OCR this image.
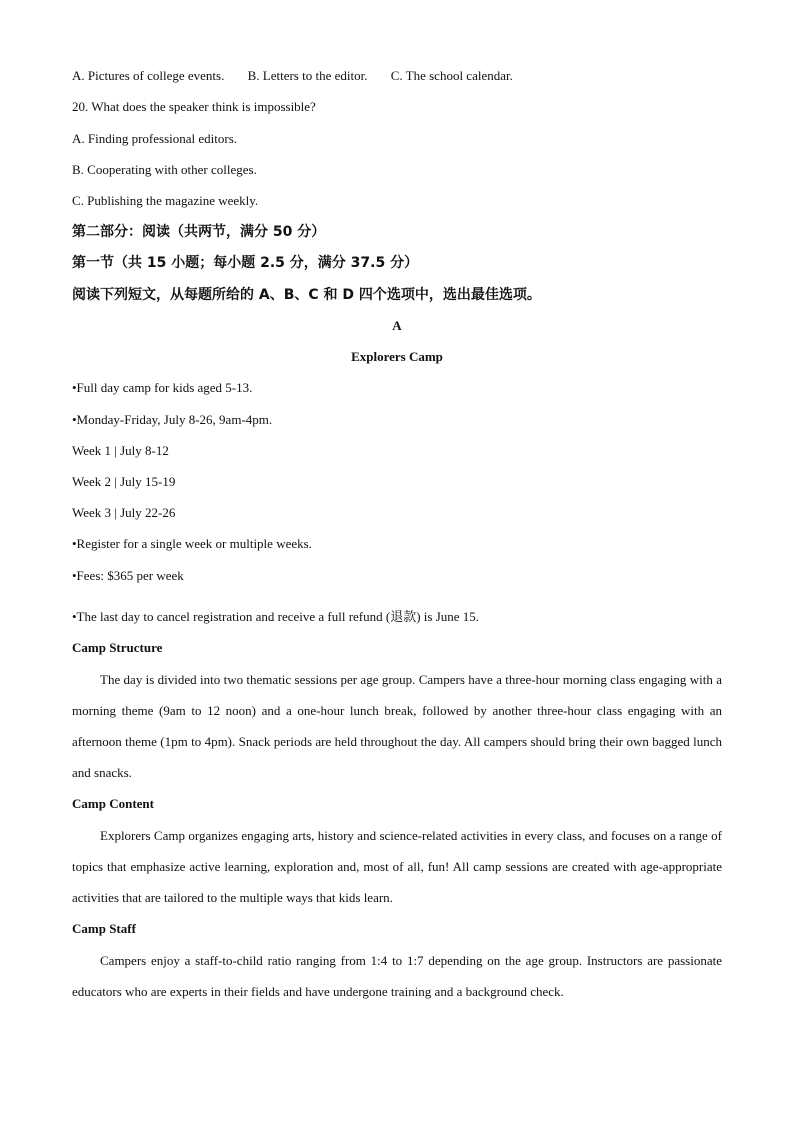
A. Pictures of college events. B. Letters to the editor. C. The school calendar.
20. What does the speaker think is impossible?
A. Finding professional editors.
B. Cooperating with other colleges.
C. Publishing the magazine weekly.
第二部分：阅读（共两节，满分 50 分）
第一节（共 15 小题；每小题 2.5 分，满分 37.5 分）
阅读下列短文，从每题所给的 A、B、C 和 D 四个选项中，选出最佳选项。
A
Explorers Camp
•Full day camp for kids aged 5-13.
•Monday-Friday, July 8-26, 9am-4pm.
Week 1 | July 8-12
Week 2 | July 15-19
Week 3 | July 22-26
•Register for a single week or multiple weeks.
•Fees: $365 per week
•The last day to cancel registration and receive a full refund (退款) is June 15.
Camp Structure

The day is divided into two thematic sessions per age group. Campers have a three-hour morning class engaging with a morning theme (9am to 12 noon) and a one-hour lunch break, followed by another three-hour class engaging with an afternoon theme (1pm to 4pm). Snack periods are held throughout the day. All campers should bring their own bagged lunch and snacks.

Camp Content

Explorers Camp organizes engaging arts, history and science-related activities in every class, and focuses on a range of topics that emphasize active learning, exploration and, most of all, fun! All camp sessions are created with age-appropriate activities that are tailored to the multiple ways that kids learn.

Camp Staff

Campers enjoy a staff-to-child ratio ranging from 1:4 to 1:7 depending on the age group. Instructors are passionate educators who are experts in their fields and have undergone training and a background check.
